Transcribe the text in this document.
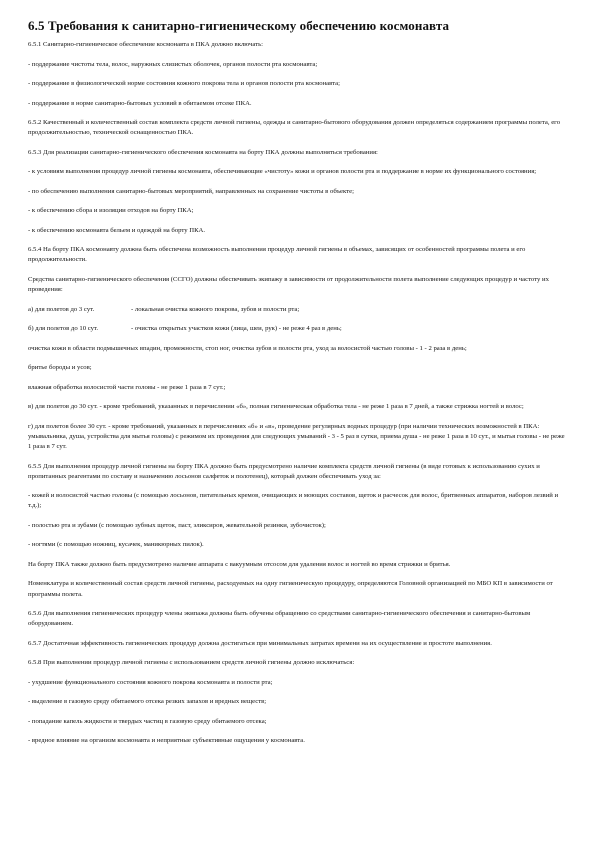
6.5 Требования к санитарно-гигиеническому обеспечению космонавта
6.5.1 Санитарно-гигиеническое обеспечение космонавта в ПКА должно включать:
- поддержание чистоты тела, волос, наружных слизистых оболочек, органов полости рта космонавта;
- поддержание в физиологической норме состояния кожного покрова тела и органов полости рта космонавта;
- поддержание в норме санитарно-бытовых условий в обитаемом отсеке ПКА.
6.5.2 Качественный и количественный состав комплекта средств личной гигиены, одежды и санитарно-бытового оборудования должен определяться содержанием программы полета, его продолжительностью, технической оснащенностью ПКА.
6.5.3 Для реализации санитарно-гигиенического обеспечения космонавта на борту ПКА должны выполняться требования:
- к условиям выполнения процедур личной гигиены космонавта, обеспечивающие «чистоту» кожи и органов полости рта и поддержание в норме их функционального состояния;
- по обеспечению выполнения санитарно-бытовых мероприятий, направленных на сохранение чистоты в объекте;
- к обеспечению сбора и изоляции отходов на борту ПКА;
- к обеспечению космонавта бельем и одеждой на борту ПКА.
6.5.4 На борту ПКА космонавту должна быть обеспечена возможность выполнения процедур личной гигиены в объемах, зависящих от особенностей программы полета и его продолжительности.
Средства санитарно-гигиенического обеспечения (ССГО) должны обеспечивать экипажу в зависимости от продолжительности полета выполнение следующих процедур и частоту их проведения:
а) для полетов до 3 сут.	- локальная очистка кожного покрова, зубов и полости рта;
б) для полетов до 10 сут.	- очистка открытых участков кожи (лица, шеи, рук) - не реже 4 раз в день;
очистка кожи в области подмышечных впадин, промежности, стоп ног, очистка зубов и полости рта, уход за волосистой частью головы - 1 - 2 раза в день;
бритье бороды и усов;
влажная обработка волосистой части головы - не реже 1 раза в 7 сут.;
в) для полетов до 30 сут. - кроме требований, указанных в перечислении «б», полная гигиеническая обработка тела - не реже 1 раза в 7 дней, а также стрижка ногтей и волос;
г) для полетов более 30 сут. - кроме требований, указанных в перечислениях «б» и «в», проведение регулярных водных процедур (при наличии технических возможностей в ПКА: умывальника, душа, устройства для мытья головы) с режимом их проведения для следующих умываний - 3 - 5 раз в сутки, приема душа - не реже 1 раза в 10 сут., и мытья головы - не реже 1 раза в 7 сут.
6.5.5 Для выполнения процедур личной гигиены на борту ПКА должно быть предусмотрено наличие комплекта средств личной гигиены (в виде готовых к использованию сухих и пропитанных реагентами по составу и назначению лосьонов салфеток и полотенец), который должен обеспечивать уход за:
- кожей и волосистой частью головы (с помощью лосьонов, питательных кремов, очищающих и моющих составов, щеток и расчесок для волос, бритвенных аппаратов, наборов лезвий и т.д.);
- полостью рта и зубами (с помощью зубных щеток, паст, эликсиров, жевательной резинки, зубочисток);
- ногтями (с помощью ножниц, кусачек, маникюрных пилок).
На борту ПКА также должно быть предусмотрено наличие аппарата с вакуумным отсосом для удаления волос и ногтей во время стрижки и бритья.
Номенклатура и количественный состав средств личной гигиены, расходуемых на одну гигиеническую процедуру, определяются Головной организацией по МБО КП в зависимости от программы полета.
6.5.6 Для выполнения гигиенических процедур члены экипажа должны быть обучены обращению со средствами санитарно-гигиенического обеспечения и санитарно-бытовым оборудованием.
6.5.7 Достаточная эффективность гигиенических процедур должна достигаться при минимальных затратах времени на их осуществление и простоте выполнения.
6.5.8 При выполнении процедур личной гигиены с использованием средств личной гигиены должно исключаться:
- ухудшение функционального состояния кожного покрова космонавта и полости рта;
- выделение в газовую среду обитаемого отсека резких запахов и вредных веществ;
- попадание капель жидкости и твердых частиц в газовую среду обитаемого отсека;
- вредное влияние на организм космонавта и неприятные субъективные ощущения у космонавта.
